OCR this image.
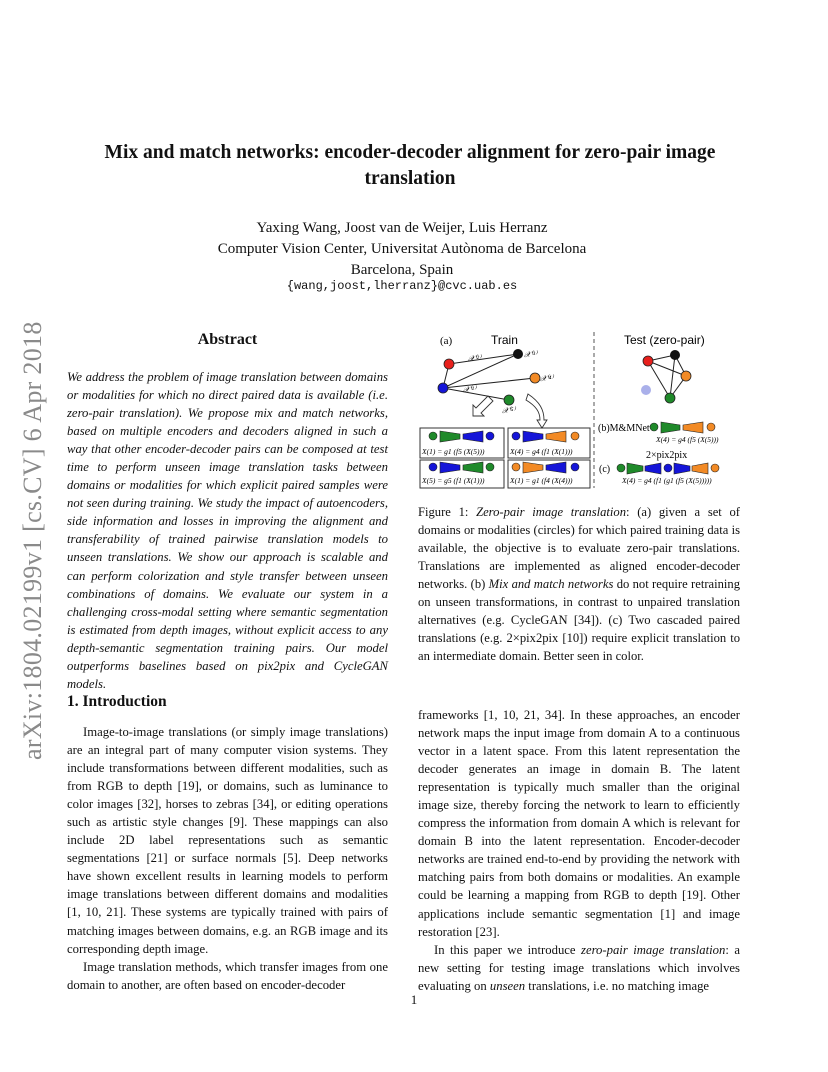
arXiv:1804.02199v1 [cs.CV] 6 Apr 2018
Mix and match networks: encoder-decoder alignment for zero-pair image translation
Yaxing Wang, Joost van de Weijer, Luis Herranz
Computer Vision Center, Universitat Autònoma de Barcelona
Barcelona, Spain
{wang,joost,lherranz}@cvc.uab.es
Abstract
We address the problem of image translation between domains or modalities for which no direct paired data is available (i.e. zero-pair translation). We propose mix and match networks, based on multiple encoders and decoders aligned in such a way that other encoder-decoder pairs can be composed at test time to perform unseen image translation tasks between domains or modalities for which explicit paired samples were not seen during training. We study the impact of autoencoders, side information and losses in improving the alignment and transferability of trained pairwise translation models to unseen translations. We show our approach is scalable and can perform colorization and style transfer between unseen combinations of domains. We evaluate our system in a challenging cross-modal setting where semantic segmentation is estimated from depth images, without explicit access to any depth-semantic segmentation training pairs. Our model outperforms baselines based on pix2pix and CycleGAN models.
(a)	Train	Test (zero-pair)
𝒳⁽²⁾	𝒳⁽³⁾
𝒳⁽¹⁾
𝒳⁽⁴⁾
𝒳⁽⁵⁾
X(1) = g1 (f5 (X(5)))	X(4) = g4 (f1 (X(1)))
X(5) = g5 (f1 (X(1)))	X(1) = g1 (f4 (X(4)))
(b)M&MNet
X(4) = g4 (f5 (X(5)))
2×pix2pix
(c)
X(4) = g4 (f1 (g1 (f5 (X(5)))))
Figure 1: Zero-pair image translation: (a) given a set of domains or modalities (circles) for which paired training data is available, the objective is to evaluate zero-pair translations. Translations are implemented as aligned encoder-decoder networks. (b) Mix and match networks do not require retraining on unseen transformations, in contrast to unpaired translation alternatives (e.g. CycleGAN [34]). (c) Two cascaded paired translations (e.g. 2×pix2pix [10]) require explicit translation to an intermediate domain. Better seen in color.
1. Introduction

Image-to-image translations (or simply image translations) are an integral part of many computer vision systems. They include transformations between different modalities, such as from RGB to depth [19], or domains, such as luminance to color images [32], horses to zebras [34], or editing operations such as artistic style changes [9]. These mappings can also include 2D label representations such as semantic segmentations [21] or surface normals [5]. Deep networks have shown excellent results in learning models to perform image translations between different domains and modalities [1, 10, 21]. These systems are typically trained with pairs of matching images between domains, e.g. an RGB image and its corresponding depth image.

Image translation methods, which transfer images from one domain to another, are often based on encoder-decoder

frameworks [1, 10, 21, 34]. In these approaches, an encoder network maps the input image from domain A to a continuous vector in a latent space. From this latent representation the decoder generates an image in domain B. The latent representation is typically much smaller than the original image size, thereby forcing the network to learn to efficiently compress the information from domain A which is relevant for domain B into the latent representation. Encoder-decoder networks are trained end-to-end by providing the network with matching pairs from both domains or modalities. An example could be learning a mapping from RGB to depth [19]. Other applications include semantic segmentation [1] and image restoration [23].

In this paper we introduce zero-pair image translation: a new setting for testing image translations which involves evaluating on unseen translations, i.e. no matching image

1
